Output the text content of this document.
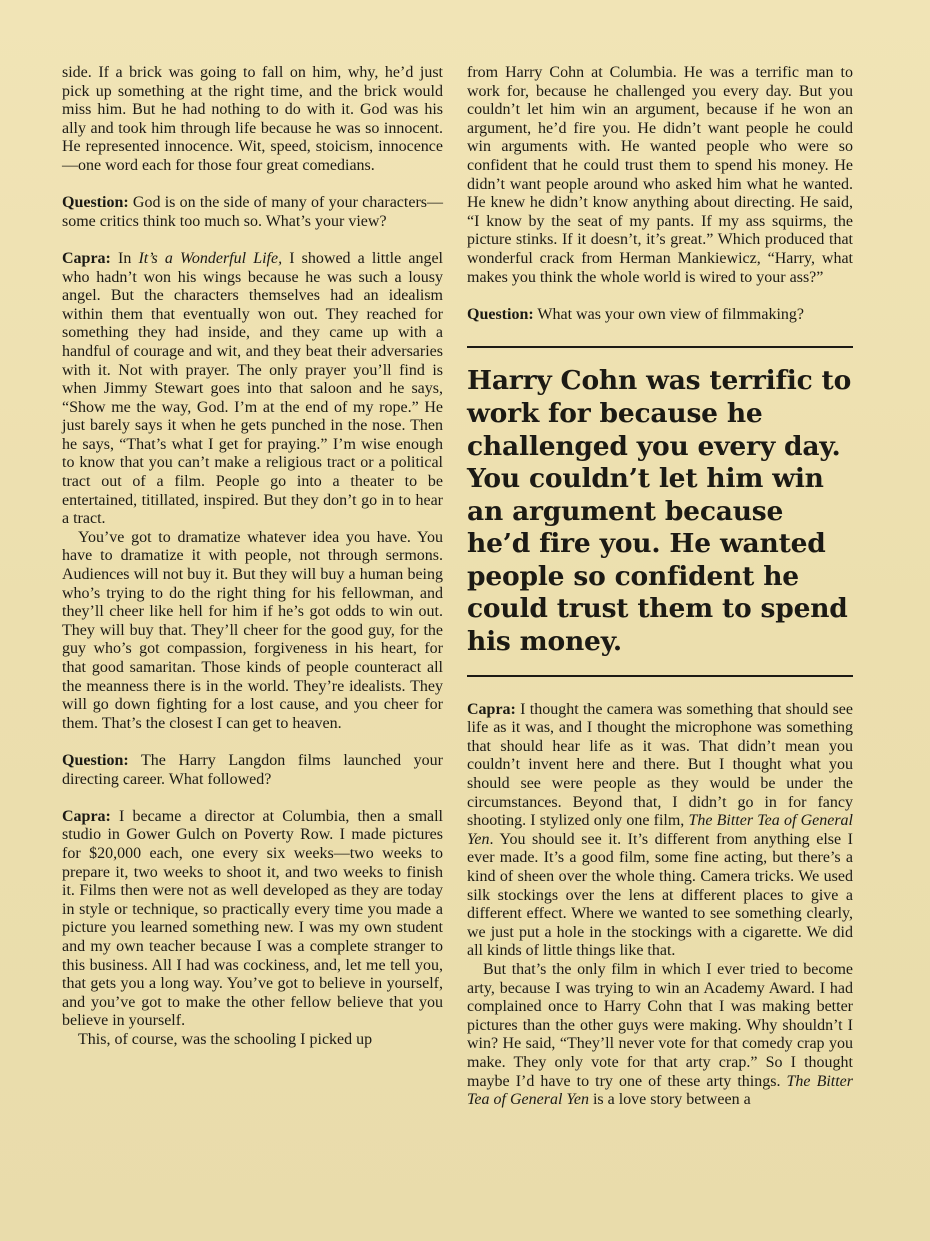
side. If a brick was going to fall on him, why, he’d just pick up something at the right time, and the brick would miss him. But he had nothing to do with it. God was his ally and took him through life because he was so innocent. He represented innocence. Wit, speed, stoicism, innocence—one word each for those four great comedians.

Question: God is on the side of many of your characters—some critics think too much so. What’s your view?

Capra: In It’s a Wonderful Life, I showed a little angel who hadn’t won his wings because he was such a lousy angel. But the characters themselves had an idealism within them that eventually won out. They reached for something they had inside, and they came up with a handful of courage and wit, and they beat their adversaries with it. Not with prayer. The only prayer you’ll find is when Jimmy Stewart goes into that saloon and he says, “Show me the way, God. I’m at the end of my rope.” He just barely says it when he gets punched in the nose. Then he says, “That’s what I get for praying.” I’m wise enough to know that you can’t make a religious tract or a political tract out of a film. People go into a theater to be entertained, titillated, inspired. But they don’t go in to hear a tract.

You’ve got to dramatize whatever idea you have. You have to dramatize it with people, not through sermons. Audiences will not buy it. But they will buy a human being who’s trying to do the right thing for his fellowman, and they’ll cheer like hell for him if he’s got odds to win out. They will buy that. They’ll cheer for the good guy, for the guy who’s got compassion, forgiveness in his heart, for that good samaritan. Those kinds of people counteract all the meanness there is in the world. They’re idealists. They will go down fighting for a lost cause, and you cheer for them. That’s the closest I can get to heaven.

Question: The Harry Langdon films launched your directing career. What followed?

Capra: I became a director at Columbia, then a small studio in Gower Gulch on Poverty Row. I made pictures for $20,000 each, one every six weeks—two weeks to prepare it, two weeks to shoot it, and two weeks to finish it. Films then were not as well developed as they are today in style or technique, so practically every time you made a picture you learned something new. I was my own student and my own teacher because I was a complete stranger to this business. All I had was cockiness, and, let me tell you, that gets you a long way. You’ve got to believe in yourself, and you’ve got to make the other fellow believe that you believe in yourself.

This, of course, was the schooling I picked up

from Harry Cohn at Columbia. He was a terrific man to work for, because he challenged you every day. But you couldn’t let him win an argument, because if he won an argument, he’d fire you. He didn’t want people he could win arguments with. He wanted people who were so confident that he could trust them to spend his money. He didn’t want people around who asked him what he wanted. He knew he didn’t know anything about directing. He said, “I know by the seat of my pants. If my ass squirms, the picture stinks. If it doesn’t, it’s great.” Which produced that wonderful crack from Herman Mankiewicz, “Harry, what makes you think the whole world is wired to your ass?”

Question: What was your own view of filmmaking?

Harry Cohn was terrific to work for because he challenged you every day. You couldn’t let him win an argument because he’d fire you. He wanted people so confident he could trust them to spend his money.

Capra: I thought the camera was something that should see life as it was, and I thought the microphone was something that should hear life as it was. That didn’t mean you couldn’t invent here and there. But I thought what you should see were people as they would be under the circumstances. Beyond that, I didn’t go in for fancy shooting. I stylized only one film, The Bitter Tea of General Yen. You should see it. It’s different from anything else I ever made. It’s a good film, some fine acting, but there’s a kind of sheen over the whole thing. Camera tricks. We used silk stockings over the lens at different places to give a different effect. Where we wanted to see something clearly, we just put a hole in the stockings with a cigarette. We did all kinds of little things like that.

But that’s the only film in which I ever tried to become arty, because I was trying to win an Academy Award. I had complained once to Harry Cohn that I was making better pictures than the other guys were making. Why shouldn’t I win? He said, “They’ll never vote for that comedy crap you make. They only vote for that arty crap.” So I thought maybe I’d have to try one of these arty things. The Bitter Tea of General Yen is a love story between a
